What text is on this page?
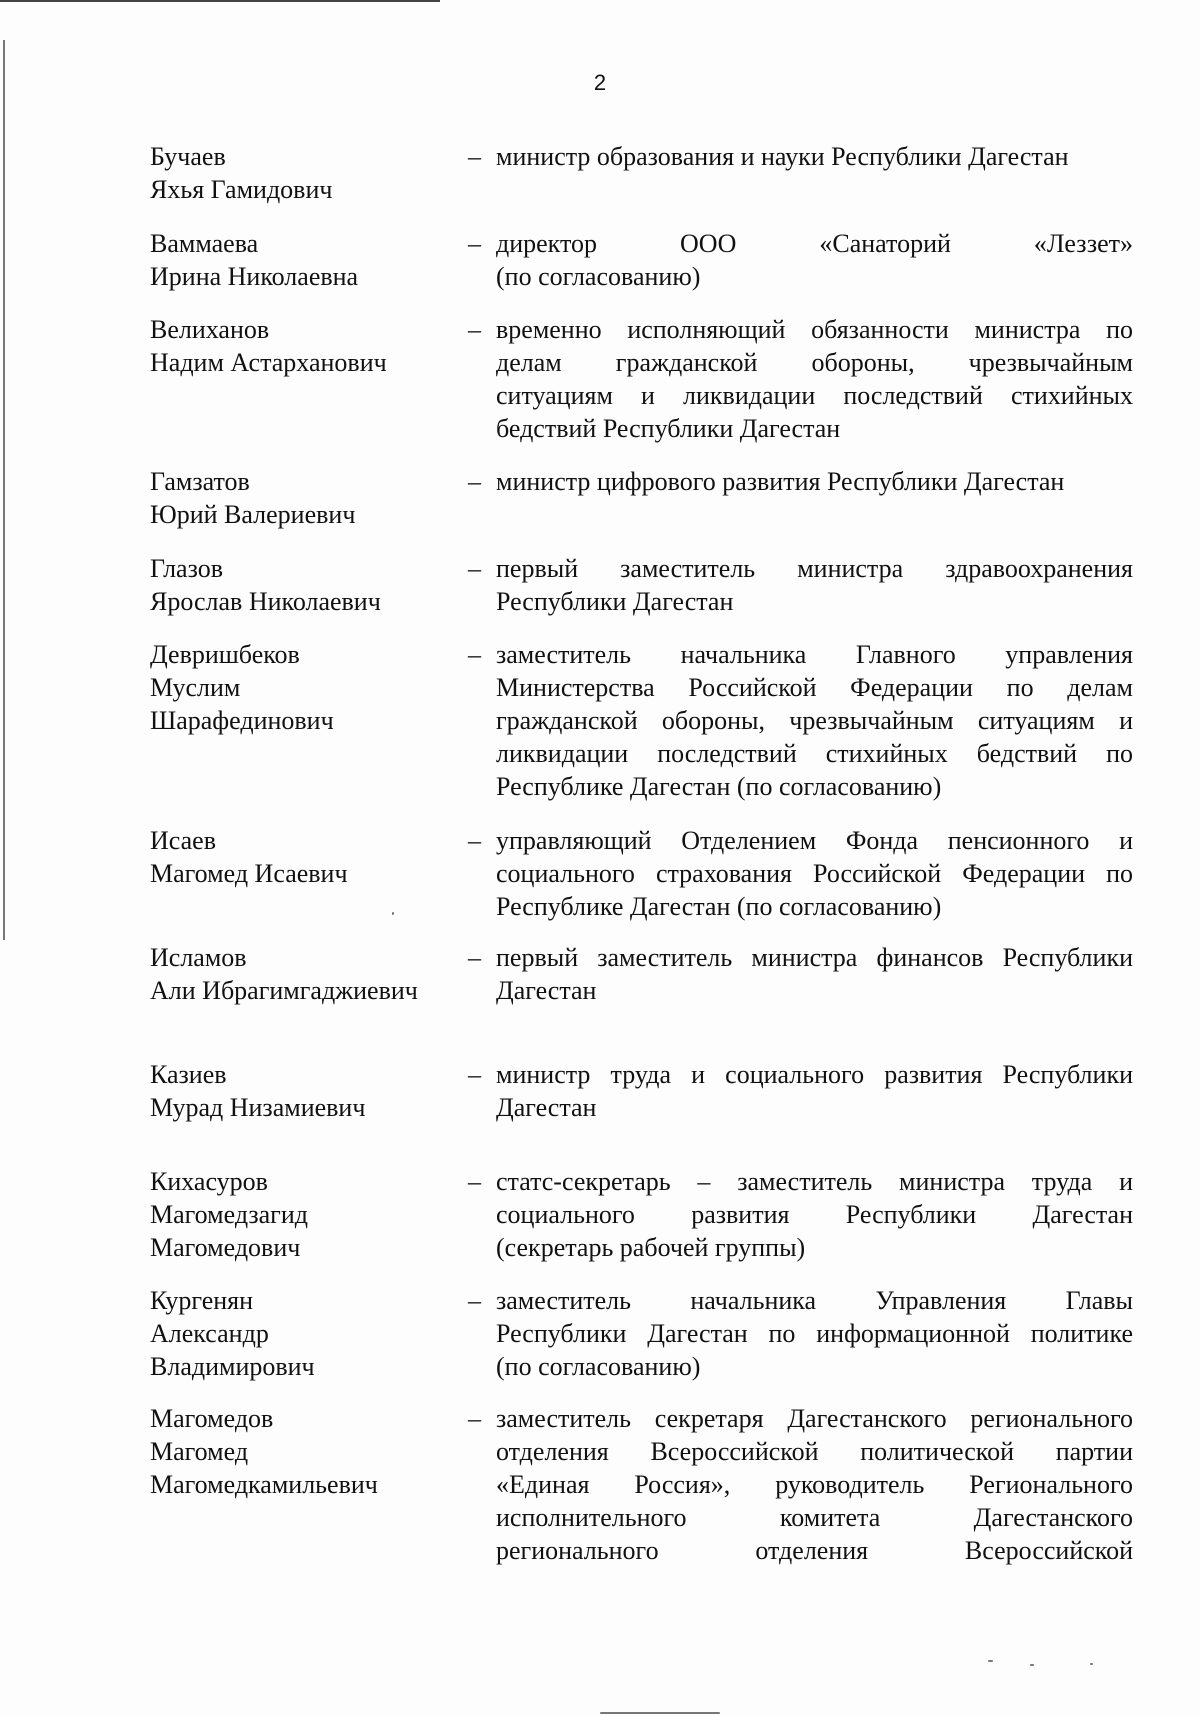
2
Бучаев
Яхья Гамидович
– министр образования и науки Республики Дагестан
Ваммаева
Ирина Николаевна
– директор ООО «Санаторий «Леззет»
(по согласованию)
Велиханов
Надим Астарханович
– временно исполняющий обязанности министра по
делам гражданской обороны, чрезвычайным
ситуациям и ликвидации последствий стихийных
бедствий Республики Дагестан
Гамзатов
Юрий Валериевич
– министр цифрового развития Республики Дагестан
Глазов
Ярослав Николаевич
– первый заместитель министра здравоохранения
Республики Дагестан
Девришбеков
Муслим
Шарафединович
– заместитель начальника Главного управления
Министерства Российской Федерации по делам
гражданской обороны, чрезвычайным ситуациям и
ликвидации последствий стихийных бедствий по
Республике Дагестан (по согласованию)
Исаев
Магомед Исаевич
– управляющий Отделением Фонда пенсионного и
социального страхования Российской Федерации по
Республике Дагестан (по согласованию)
Исламов
Али Ибрагимгаджиевич
– первый заместитель министра финансов Республики
Дагестан
Казиев
Мурад Низамиевич
– министр труда и социального развития Республики
Дагестан
Кихасуров
Магомедзагид
Магомедович
– статс-секретарь – заместитель министра труда и
социального развития Республики Дагестан
(секретарь рабочей группы)
Кургенян
Александр
Владимирович
– заместитель начальника Управления Главы
Республики Дагестан по информационной политике
(по согласованию)
Магомедов
Магомед
Магомедкамильевич
– заместитель секретаря Дагестанского регионального
отделения Всероссийской политической партии
«Единая Россия», руководитель Регионального
исполнительного комитета Дагестанского
регионального отделения Всероссийской
